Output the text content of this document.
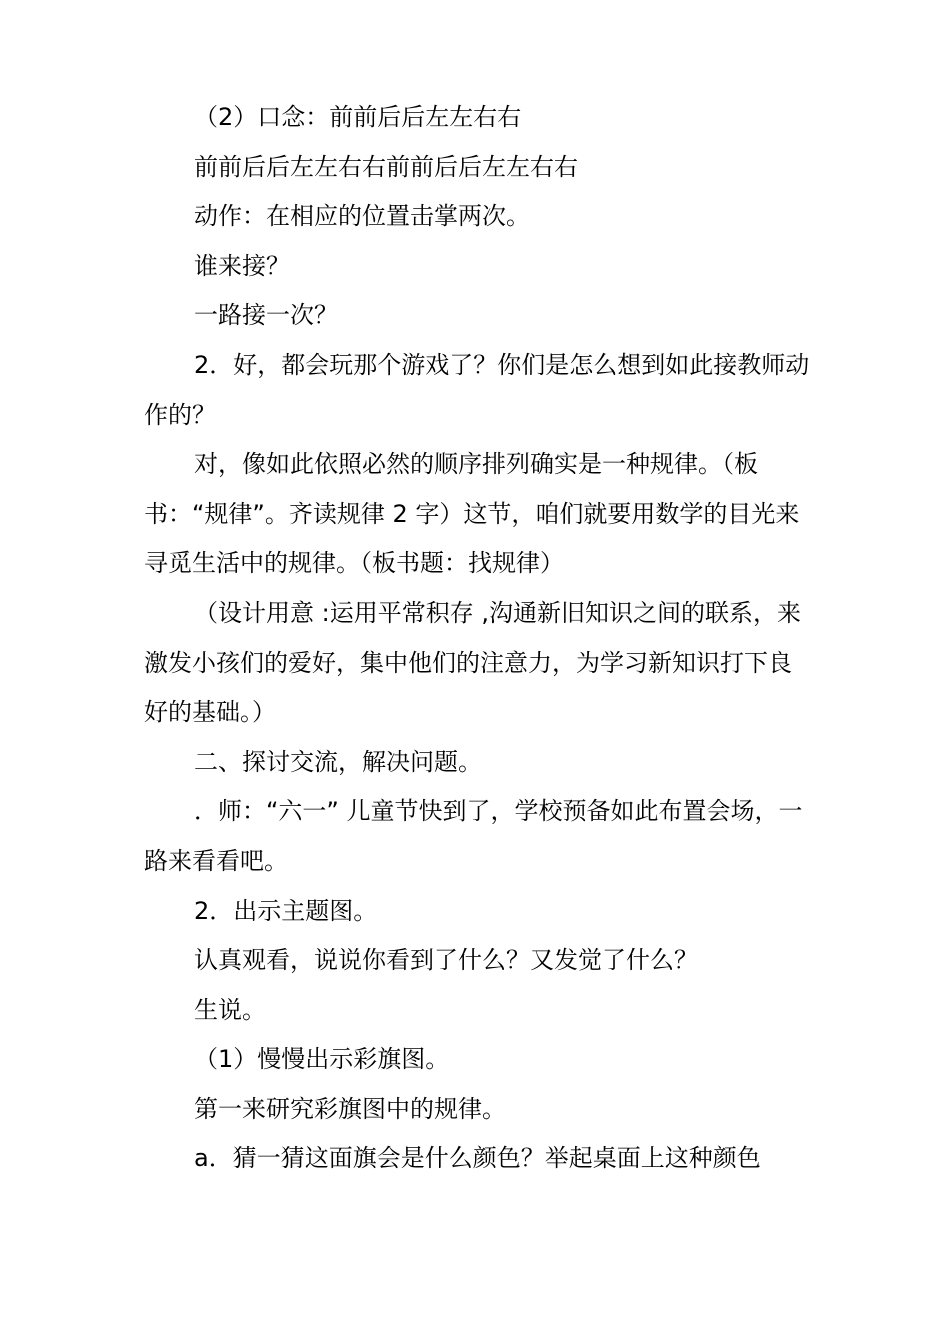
（2）口念：前前后后左左右右

前前后后左左右右前前后后左左右右

动作：在相应的位置击掌两次。

谁来接？

一路接一次？

2．好，都会玩那个游戏了？你们是怎么想到如此接教师动作的？

对，像如此依照必然的顺序排列确实是一种规律。（板书：“规律”。齐读规律 2 字）这节，咱们就要用数学的目光来寻觅生活中的规律。（板书题：找规律）

（设计用意 :运用平常积存 ,沟通新旧知识之间的联系，来激发小孩们的爱好，集中他们的注意力，为学习新知识打下良好的基础。）

二、探讨交流，解决问题。

．师：“六一” 儿童节快到了，学校预备如此布置会场，一路来看看吧。

2．出示主题图。

认真观看，说说你看到了什么？又发觉了什么？

生说。

（1）慢慢出示彩旗图。

第一来研究彩旗图中的规律。

a．猜一猜这面旗会是什么颜色？举起桌面上这种颜色
